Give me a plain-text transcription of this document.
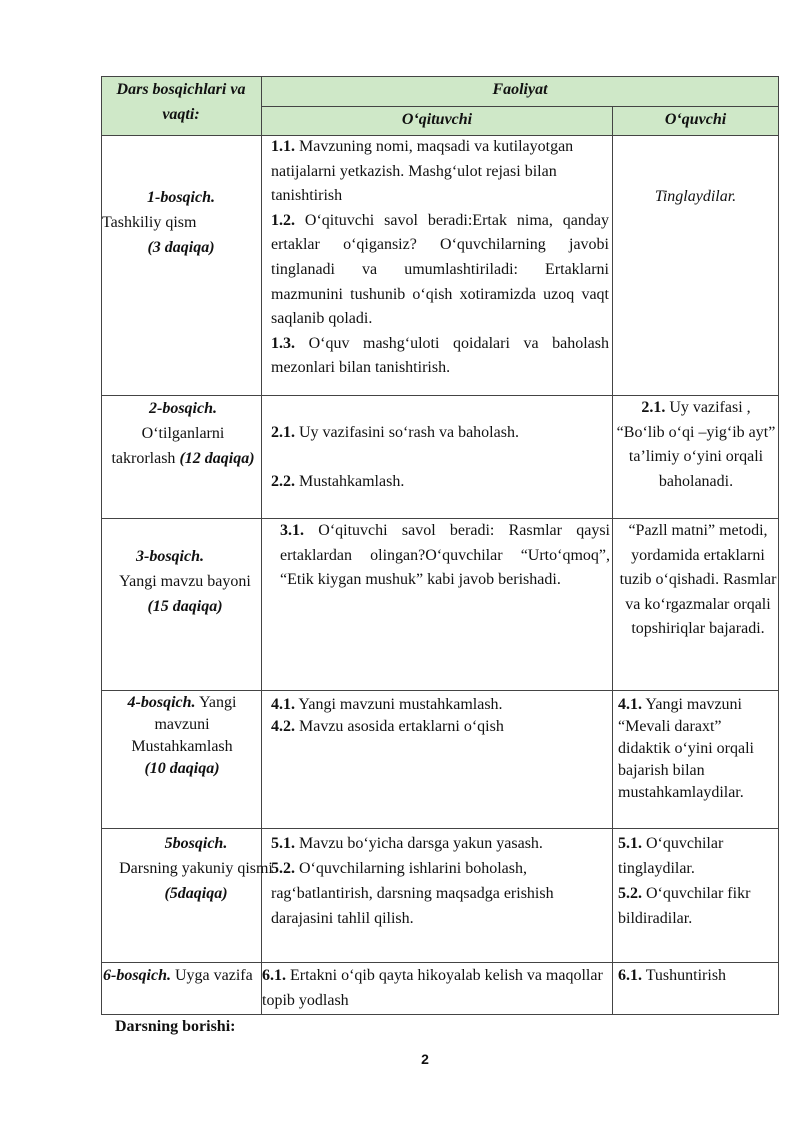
Dars bosqichlari va vaqti:
Faoliyat
O‘qituvchi	O‘quvchi
1-bosqich.
Tashkiliy qism
(3 daqiqa)
1.1. Mavzuning nomi, maqsadi va kutilayotgan natijalarni yetkazish. Mashg‘ulot rejasi bilan tanishtirish
1.2. O‘qituvchi savol beradi:Ertak nima, qanday ertaklar o‘qigansiz? O‘quvchilarning javobi tinglanadi va umumlashtiriladi: Ertaklarni mazmunini tushunib o‘qish xotiramizda uzoq vaqt saqlanib qoladi.
1.3. O‘quv mashg‘uloti qoidalari va baholash mezonlari bilan tanishtirish.
Tinglaydilar.
2-bosqich.
O‘tilganlarni
takrorlash (12 daqiqa)
2.1. Uy vazifasini so‘rash va baholash.
2.2. Mustahkamlash.
2.1. Uy vazifasi , “Bo‘lib o‘qi –yig‘ib ayt” ta’limiy o‘yini orqali baholanadi.
3-bosqich.
Yangi mavzu bayoni
(15 daqiqa)
3.1. O‘qituvchi savol beradi: Rasmlar qaysi ertaklardan olingan?O‘quvchilar “Urto‘qmoq”, “Etik kiygan mushuk” kabi javob berishadi.
“Pazll matni” metodi, yordamida ertaklarni tuzib o‘qishadi. Rasmlar va ko‘rgazmalar orqali topshiriqlar bajaradi.
4-bosqich. Yangi mavzuni Mustahkamlash
(10 daqiqa)
4.1. Yangi mavzuni mustahkamlash.
4.2. Mavzu asosida ertaklarni o‘qish
4.1. Yangi mavzuni “Mevali daraxt” didaktik o‘yini orqali bajarish bilan mustahkamlaydilar.
5bosqich.
Darsning yakuniy qismi
(5daqiqa)
5.1. Mavzu bo‘yicha darsga yakun yasash.
5.2. O‘quvchilarning ishlarini boholash, rag‘batlantirish, darsning maqsadga erishish darajasini tahlil qilish.
5.1. O‘quvchilar tinglaydilar.
5.2. O‘quvchilar fikr bildiradilar.
6-bosqich. Uyga vazifa 6.1. Ertakni o‘qib qayta hikoyalab kelish va maqollar topib yodlash
6.1. Tushuntirish
Darsning borishi:
2
